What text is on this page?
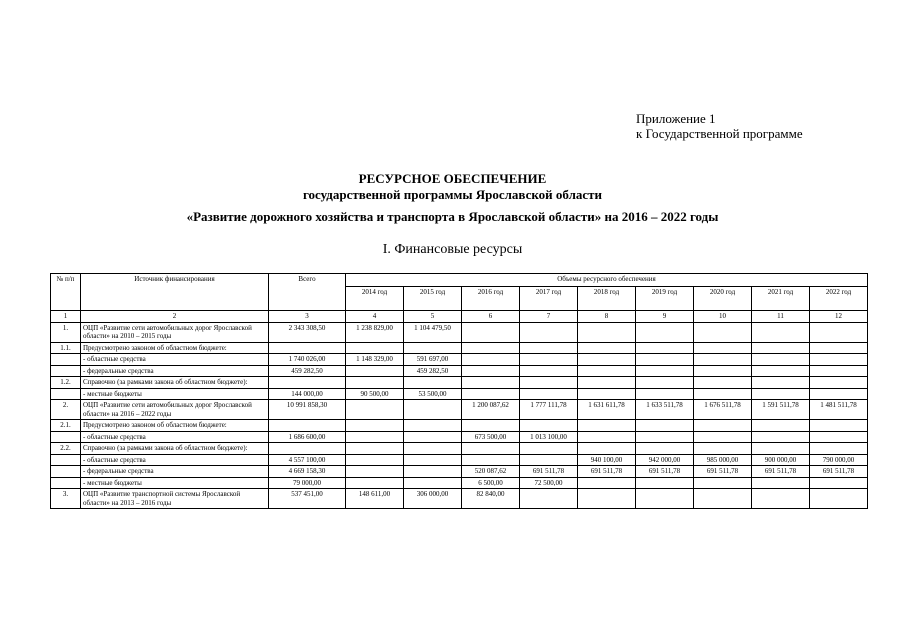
Приложение 1
к Государственной программе
РЕСУРСНОЕ ОБЕСПЕЧЕНИЕ
государственной программы Ярославской области
«Развитие дорожного хозяйства и транспорта в Ярославской области» на 2016 – 2022 годы
I. Финансовые ресурсы
№ п/п	Источник финансирования	Всего	Объемы ресурсного обеспечения								
			2014 год	2015 год	2016 год	2017 год	2018 год	2019 год	2020 год	2021 год	2022 год
1	2	3	4	5	6	7	8	9	10	11	12
1.	ОЦП «Развитие сети автомобильных дорог Ярославской области» на 2010 – 2015 годы	2 343 308,50	1 238 829,00	1 104 479,50							
1.1.	Предусмотрено законом об областном бюджете:										
	- областные средства	1 740 026,00	1 148 329,00	591 697,00							
	- федеральные средства	459 282,50		459 282,50							
1.2.	Справочно (за рамками закона об областном бюджете):										
	- местные бюджеты	144 000,00	90 500,00	53 500,00							
2.	ОЦП «Развитие сети автомобильных дорог Ярославской области» на 2016 – 2022 годы	10 991 858,30			1 200 087,62	1 777 111,78	1 631 611,78	1 633 511,78	1 676 511,78	1 591 511,78	1 481 511,78
2.1.	Предусмотрено законом об областном бюджете:										
	- областные средства	1 686 600,00			673 500,00	1 013 100,00					
2.2.	Справочно (за рамками закона об областном бюджете):										
	- областные средства	4 557 100,00					940 100,00	942 000,00	985 000,00	900 000,00	790 000,00
	- федеральные средства	4 669 158,30			520 087,62	691 511,78	691 511,78	691 511,78	691 511,78	691 511,78	691 511,78
	- местные бюджеты	79 000,00			6 500,00	72 500,00					
3.	ОЦП «Развитие транспортной системы Ярославской области» на 2013 – 2016 годы	537 451,00	148 611,00	306 000,00	82 840,00						
